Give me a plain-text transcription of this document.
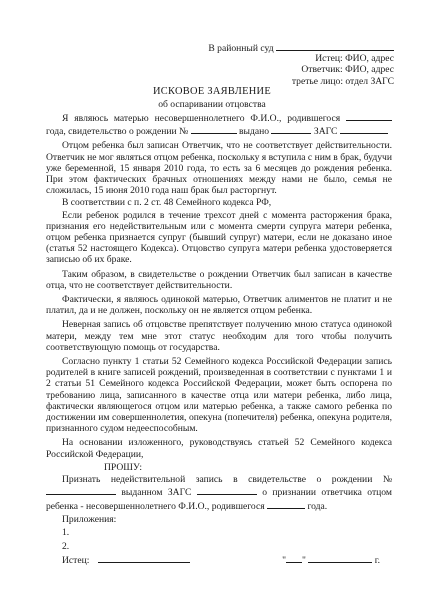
В районный суд
Истец: ФИО, адрес
Ответчик: ФИО, адрес
третье лицо: отдел ЗАГС
ИСКОВОЕ ЗАЯВЛЕНИЕ
об оспаривании отцовства
Я являюсь матерью несовершеннолетнего Ф.И.О., родившегося  года, свидетельство о рождении №	выдано	ЗАГС
Отцом ребенка был записан Ответчик, что не соответствует действительности. Ответчик не мог являться отцом ребенка, поскольку я вступила с ним в брак, будучи уже беременной, 15 января 2010 года, то есть за 6 месяцев до рождения ребенка. При этом фактических брачных отношениях между нами не было, семья не сложилась, 15 июня 2010 года наш брак был расторгнут.
В соответствии с п. 2 ст. 48 Семейного кодекса РФ,
Если ребенок родился в течение трехсот дней с момента расторжения брака, признания его недействительным или с момента смерти супруга матери ребенка, отцом ребенка признается супруг (бывший супруг) матери, если не доказано иное (статья 52 настоящего Кодекса). Отцовство супруга матери ребенка удостоверяется записью об их браке.
Таким образом, в свидетельстве о рождении Ответчик был записан в качестве отца, что не соответствует действительности.
Фактически, я являюсь одинокой матерью, Ответчик алиментов не платит и не платил, да и не должен, поскольку он не является отцом ребенка.
Неверная запись об отцовстве препятствует получению мною статуса одинокой матери, между тем мне этот статус необходим для того чтобы получить соответствующую помощь от государства.
Согласно пункту 1 статьи 52 Семейного кодекса Российской Федерации запись родителей в книге записей рождений, произведенная в соответствии с пунктами 1 и 2 статьи 51 Семейного кодекса Российской Федерации, может быть оспорена по требованию лица, записанного в качестве отца или матери ребенка, либо лица, фактически являющегося отцом или матерью ребенка, а также самого ребенка по достижении им совершеннолетия, опекуна (попечителя) ребенка, опекуна родителя, признанного судом недееспособным.
На основании изложенного, руководствуясь статьей 52 Семейного кодекса Российской Федерации,
ПРОШУ:
Признать недействительной запись в свидетельстве о рождении №  выданном ЗАГС	о признании ответчика отцом ребенка - несовершеннолетнего Ф.И.О., родившегося	года.
Приложения:
1.
2.
Истец:	" "	г.
